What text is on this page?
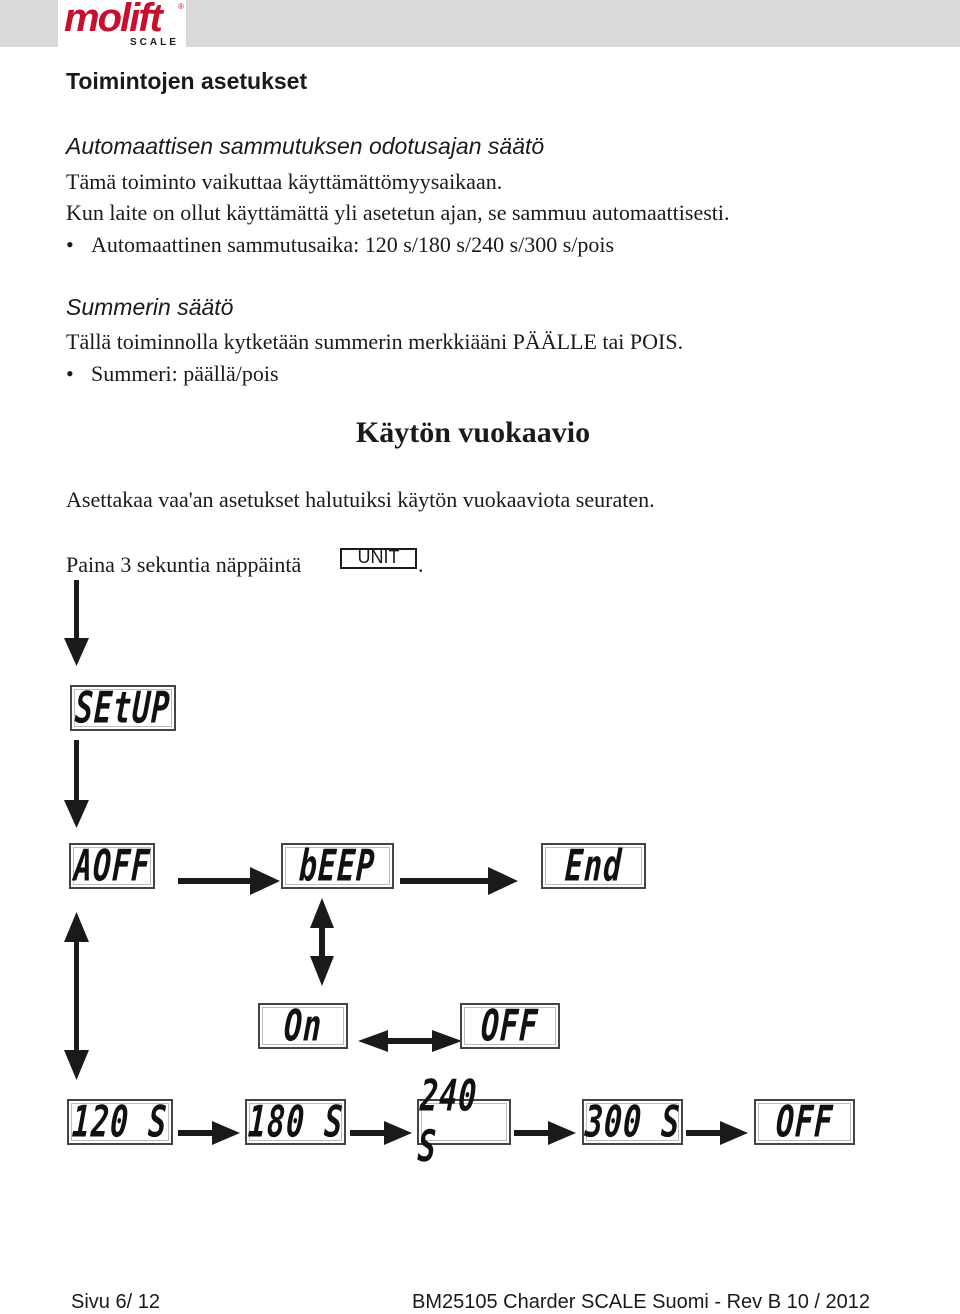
molift ®
SCALE
Toimintojen asetukset
Automaattisen sammutuksen odotusajan säätö
Tämä toiminto vaikuttaa käyttämättömyysaikaan.
Kun laite on ollut käyttämättä yli asetetun ajan, se sammuu automaattisesti.
• Automaattinen sammutusaika: 120 s/180 s/240 s/300 s/pois
Summerin säätö
Tällä toiminnolla kytketään summerin merkkiääni PÄÄLLE tai POIS.
• Summeri: päällä/pois
Käytön vuokaavio
Asettakaa vaa'an asetukset halutuiksi käytön vuokaaviota seuraten.
Paina 3 sekuntia näppäintä	UNIT .
SEtUP
AOFF	bEEP	End
On	OFF
120 S	180 S 240 S	300 S	OFF
Sivu 6/ 12	BM25105 Charder SCALE Suomi - Rev B 10 / 2012
